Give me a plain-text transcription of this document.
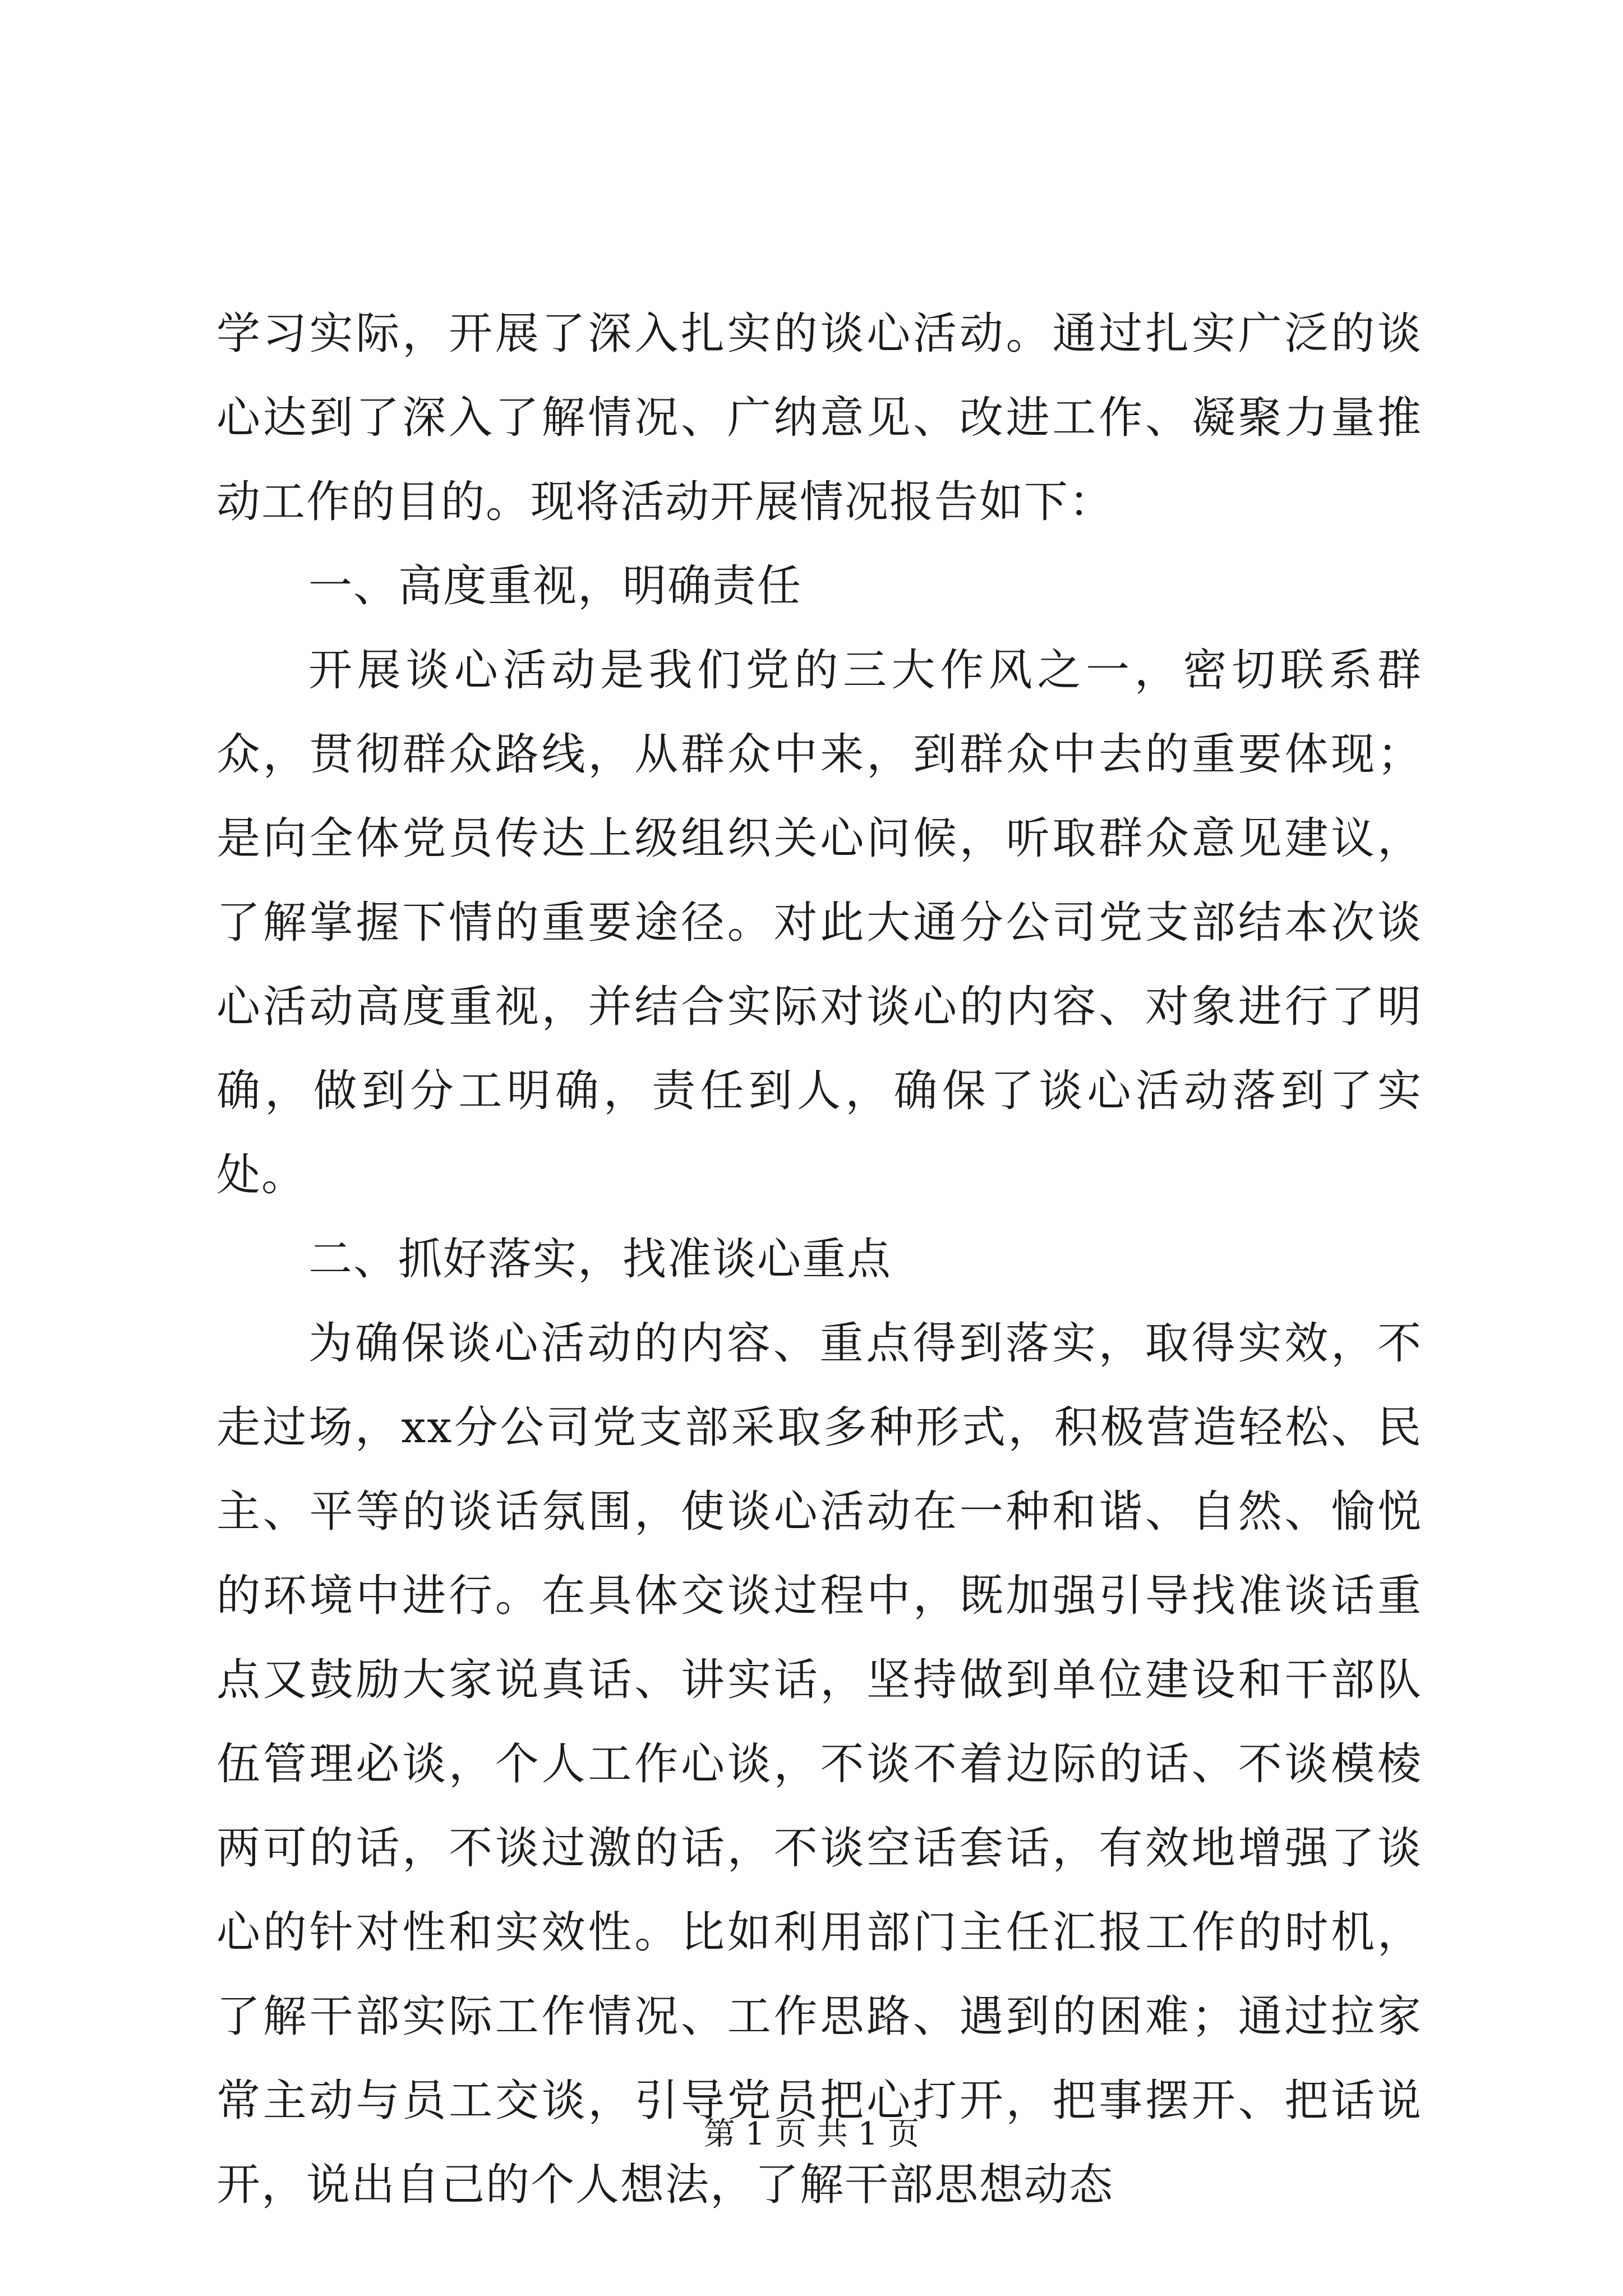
学习实际，开展了深入扎实的谈心活动。通过扎实广泛的谈心达到了深入了解情况、广纳意见、改进工作、凝聚力量推动工作的目的。现将活动开展情况报告如下：

一、高度重视，明确责任

开展谈心活动是我们党的三大作风之一，密切联系群众，贯彻群众路线，从群众中来，到群众中去的重要体现；是向全体党员传达上级组织关心问候，听取群众意见建议，了解掌握下情的重要途径。对此大通分公司党支部结本次谈心活动高度重视，并结合实际对谈心的内容、对象进行了明确，做到分工明确，责任到人，确保了谈心活动落到了实处。

二、抓好落实，找准谈心重点

为确保谈心活动的内容、重点得到落实，取得实效，不走过场，xx分公司党支部采取多种形式，积极营造轻松、民主、平等的谈话氛围，使谈心活动在一种和谐、自然、愉悦的环境中进行。在具体交谈过程中，既加强引导找准谈话重点又鼓励大家说真话、讲实话，坚持做到单位建设和干部队伍管理必谈，个人工作心谈，不谈不着边际的话、不谈模棱两可的话，不谈过激的话，不谈空话套话，有效地增强了谈心的针对性和实效性。比如利用部门主任汇报工作的时机，了解干部实际工作情况、工作思路、遇到的困难；通过拉家常主动与员工交谈，引导党员把心打开，把事摆开、把话说开，说出自己的个人想法，了解干部思想动态

第 1 页 共 1 页
